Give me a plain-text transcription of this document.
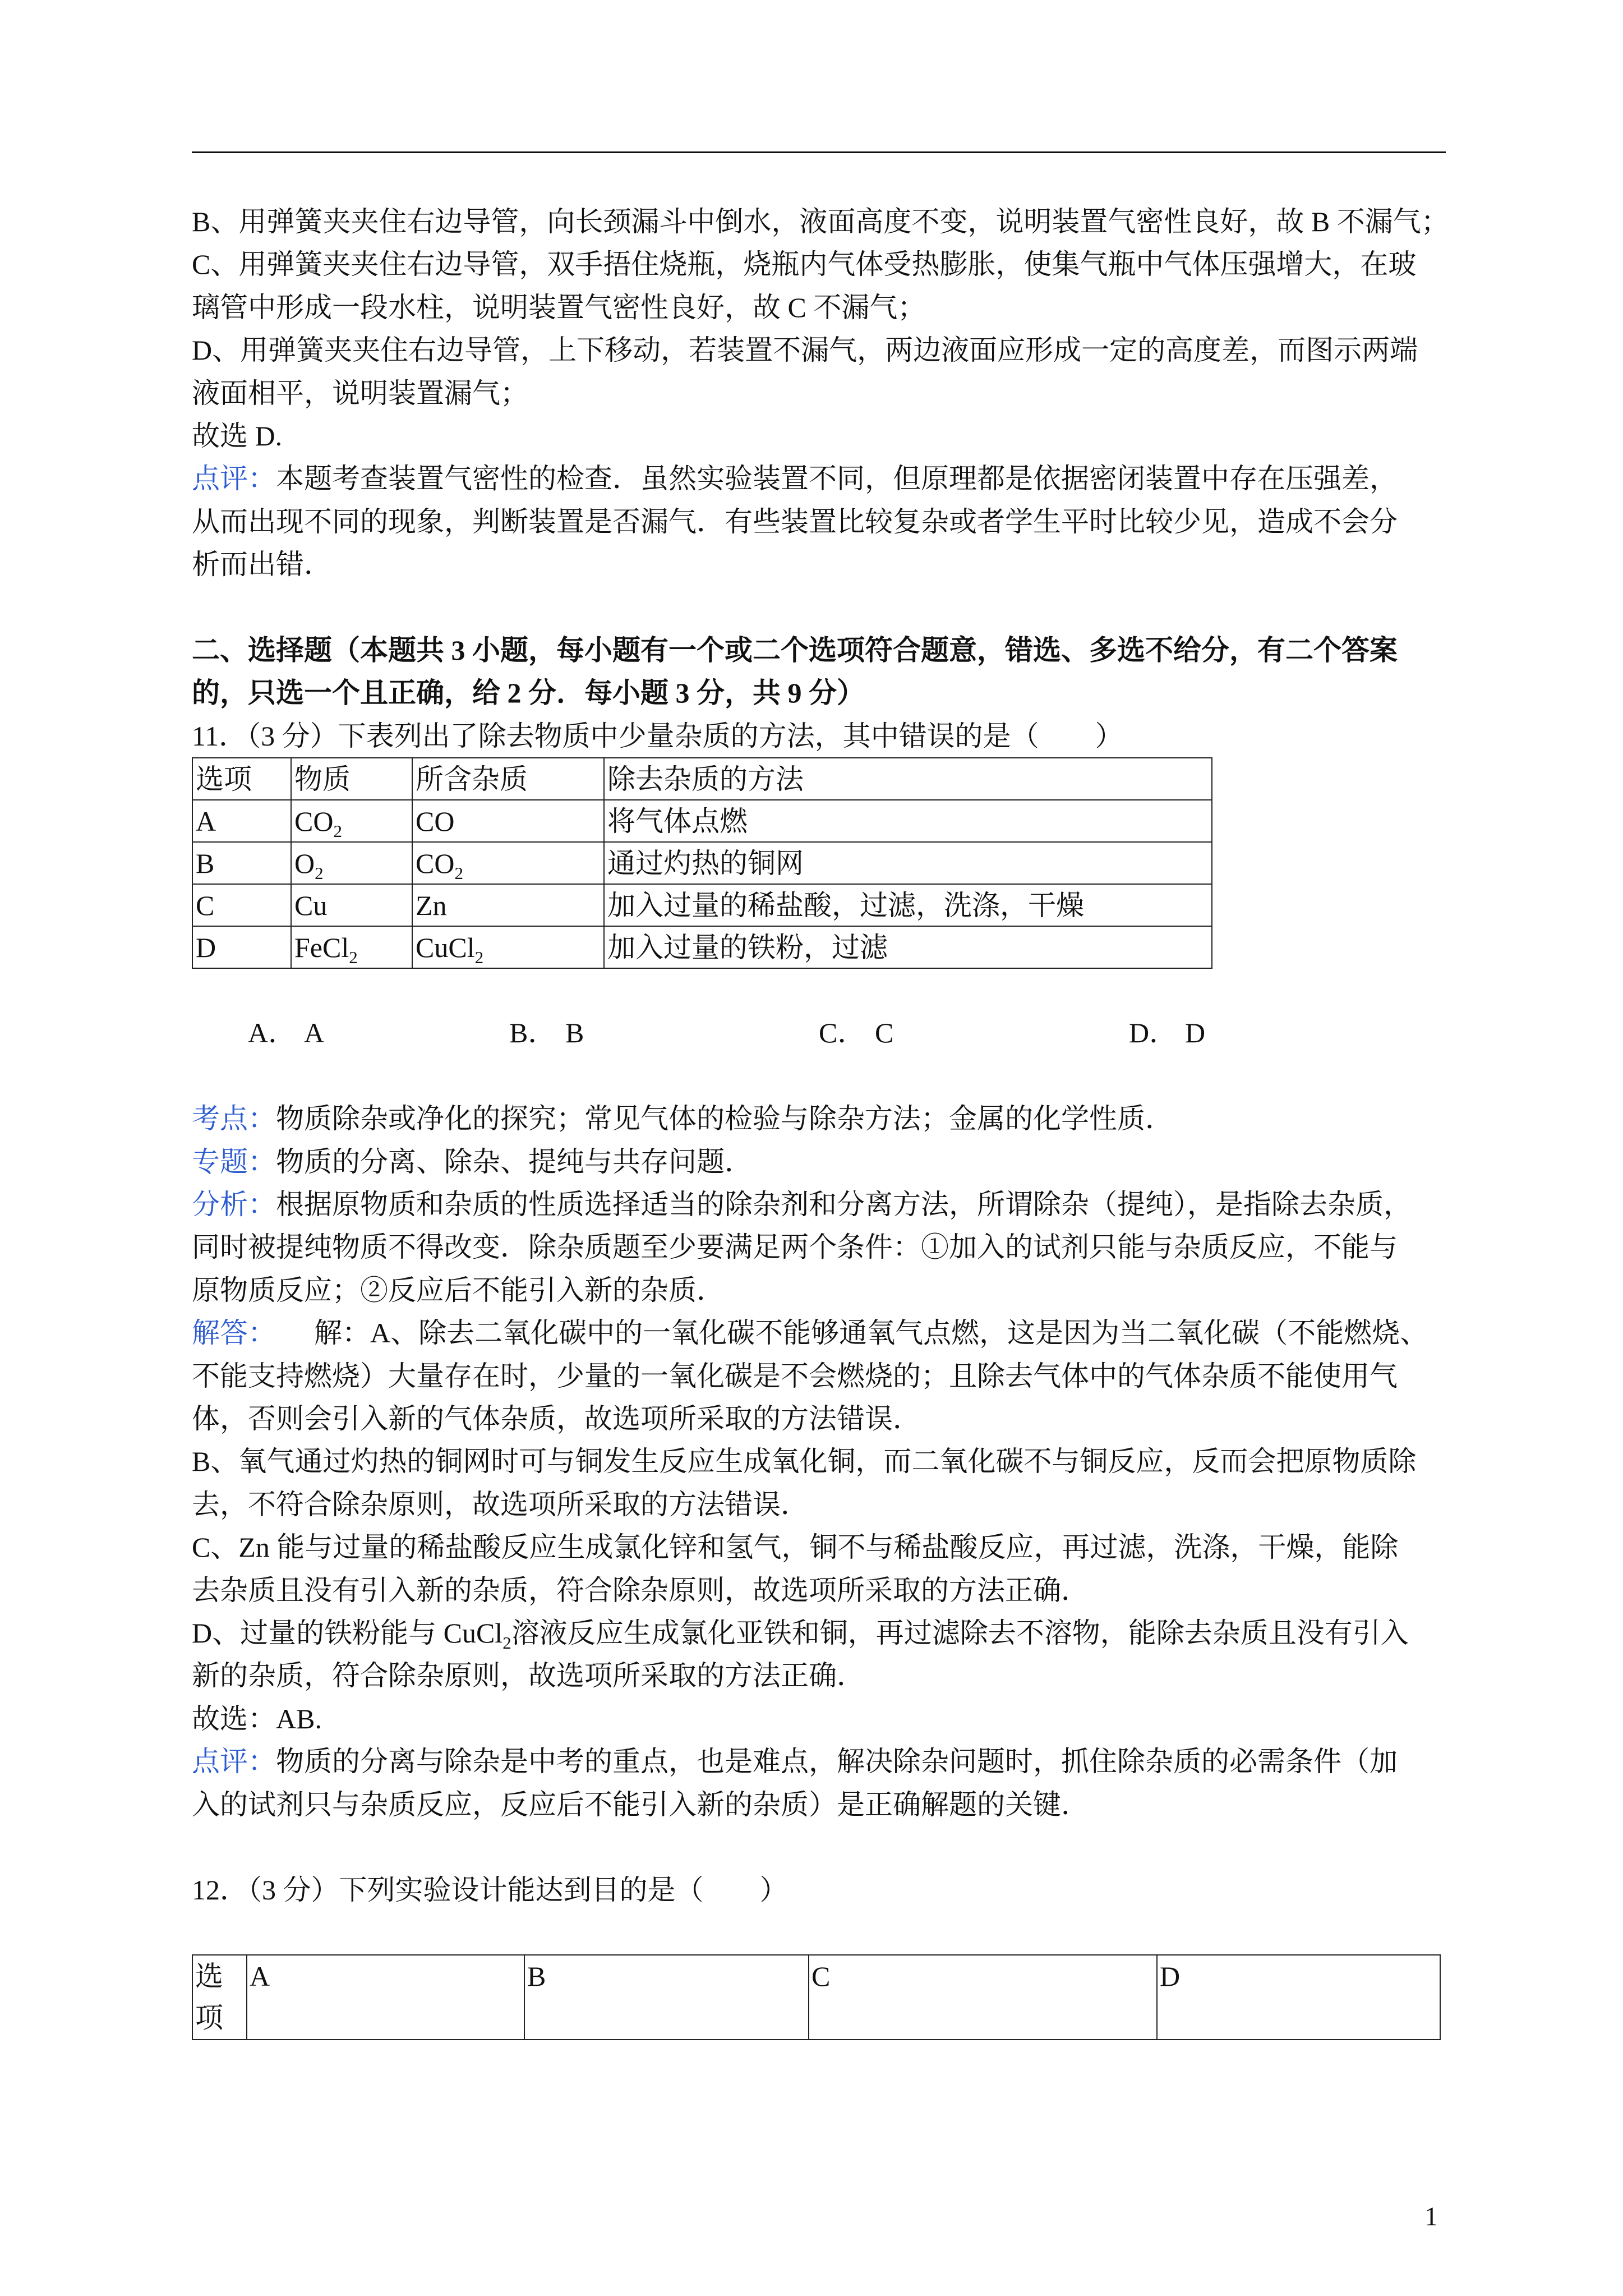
B、用弹簧夹夹住右边导管，向长颈漏斗中倒水，液面高度不变，说明装置气密性良好，故 B 不漏气；
C、用弹簧夹夹住右边导管，双手捂住烧瓶，烧瓶内气体受热膨胀，使集气瓶中气体压强增大，在玻
璃管中形成一段水柱，说明装置气密性良好，故 C 不漏气；
D、用弹簧夹夹住右边导管，上下移动，若装置不漏气，两边液面应形成一定的高度差，而图示两端
液面相平，说明装置漏气；
故选 D.
点评：本题考查装置气密性的检查．虽然实验装置不同，但原理都是依据密闭装置中存在压强差，
从而出现不同的现象，判断装置是否漏气．有些装置比较复杂或者学生平时比较少见，造成不会分
析而出错．
二、选择题（本题共 3 小题，每小题有一个或二个选项符合题意，错选、多选不给分，有二个答案
的，只选一个且正确，给 2 分．每小题 3 分，共 9 分）
11．（3 分）下表列出了除去物质中少量杂质的方法，其中错误的是（　　）
选项	物质	所含杂质	除去杂质的方法
A	$CO_2$	CO	将气体点燃
B	$O_2$	$CO_2$	通过灼热的铜网
C	Cu	Zn	加入过量的稀盐酸，过滤，洗涤，干燥
D	FeCl$_2$	CuCl$_2$	加入过量的铁粉，过滤
A． A	B． B	C． C	D． D
考点：物质除杂或净化的探究；常见气体的检验与除杂方法；金属的化学性质．
专题：物质的分离、除杂、提纯与共存问题．
分析：根据原物质和杂质的性质选择适当的除杂剂和分离方法，所谓除杂（提纯），是指除去杂质，
同时被提纯物质不得改变．除杂质题至少要满足两个条件：①加入的试剂只能与杂质反应，不能与
原物质反应；②反应后不能引入新的杂质．
解答： 解：A、除去二氧化碳中的一氧化碳不能够通氧气点燃，这是因为当二氧化碳（不能燃烧、
不能支持燃烧）大量存在时，少量的一氧化碳是不会燃烧的；且除去气体中的气体杂质不能使用气
体，否则会引入新的气体杂质，故选项所采取的方法错误．
B、氧气通过灼热的铜网时可与铜发生反应生成氧化铜，而二氧化碳不与铜反应，反而会把原物质除
去，不符合除杂原则，故选项所采取的方法错误．
C、Zn 能与过量的稀盐酸反应生成氯化锌和氢气，铜不与稀盐酸反应，再过滤，洗涤，干燥，能除
去杂质且没有引入新的杂质，符合除杂原则，故选项所采取的方法正确．
D、过量的铁粉能与 CuCl$_2$溶液反应生成氯化亚铁和铜，再过滤除去不溶物，能除去杂质且没有引入
新的杂质，符合除杂原则，故选项所采取的方法正确．
故选：AB.
点评：物质的分离与除杂是中考的重点，也是难点，解决除杂问题时，抓住除杂质的必需条件（加
入的试剂只与杂质反应，反应后不能引入新的杂质）是正确解题的关键．
12．（3 分）下列实验设计能达到目的是（　　）
选项	A	B	C	D
1
